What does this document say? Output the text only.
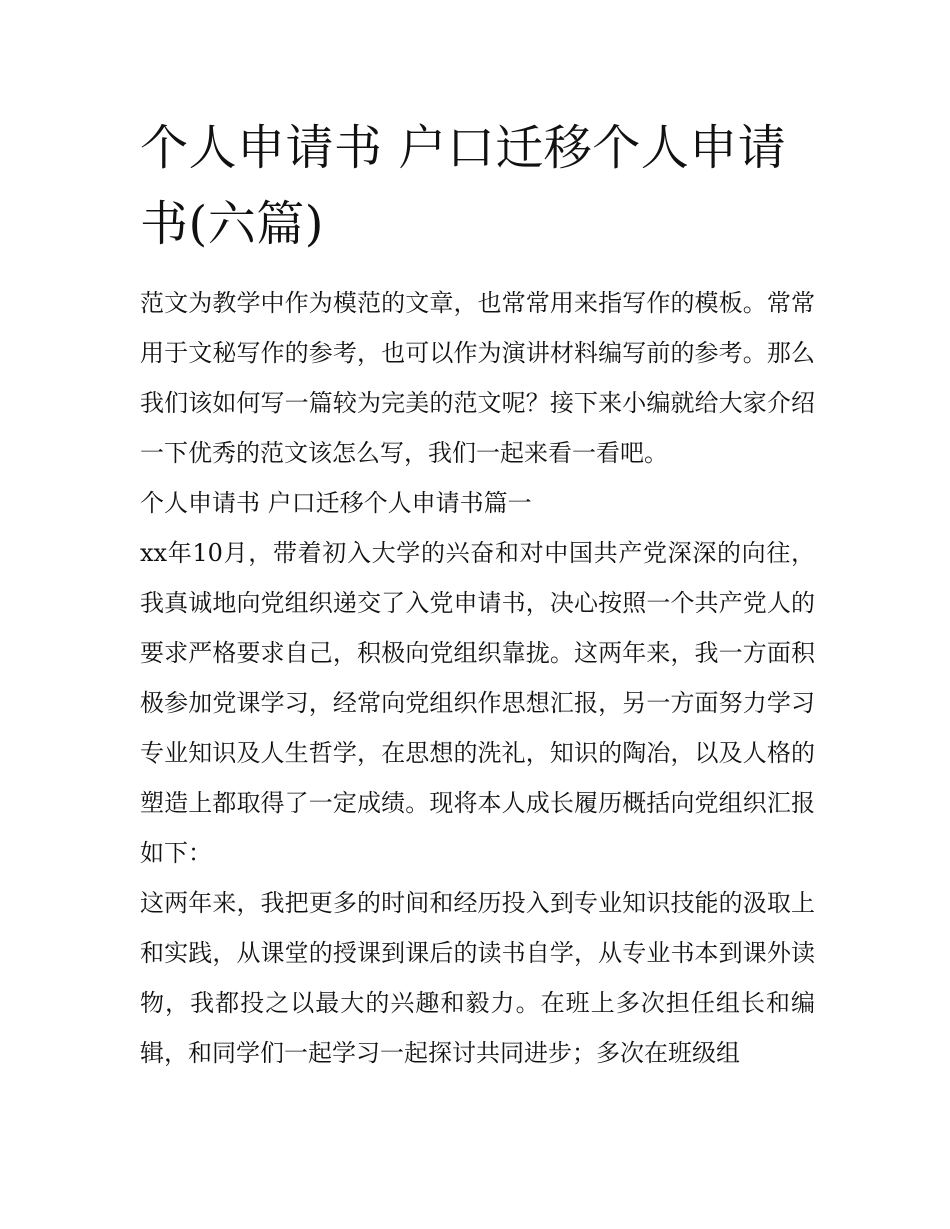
个人申请书 户口迁移个人申请书(六篇)

范文为教学中作为模范的文章，也常常用来指写作的模板。常常用于文秘写作的参考，也可以作为演讲材料编写前的参考。那么我们该如何写一篇较为完美的范文呢？接下来小编就给大家介绍一下优秀的范文该怎么写，我们一起来看一看吧。

个人申请书 户口迁移个人申请书篇一

xx年10月，带着初入大学的兴奋和对中国共产党深深的向往，我真诚地向党组织递交了入党申请书，决心按照一个共产党人的要求严格要求自己，积极向党组织靠拢。这两年来，我一方面积极参加党课学习，经常向党组织作思想汇报，另一方面努力学习专业知识及人生哲学，在思想的洗礼，知识的陶冶，以及人格的塑造上都取得了一定成绩。现将本人成长履历概括向党组织汇报如下：

这两年来，我把更多的时间和经历投入到专业知识技能的汲取上和实践，从课堂的授课到课后的读书自学，从专业书本到课外读物，我都投之以最大的兴趣和毅力。在班上多次担任组长和编辑，和同学们一起学习一起探讨共同进步；多次在班级组
